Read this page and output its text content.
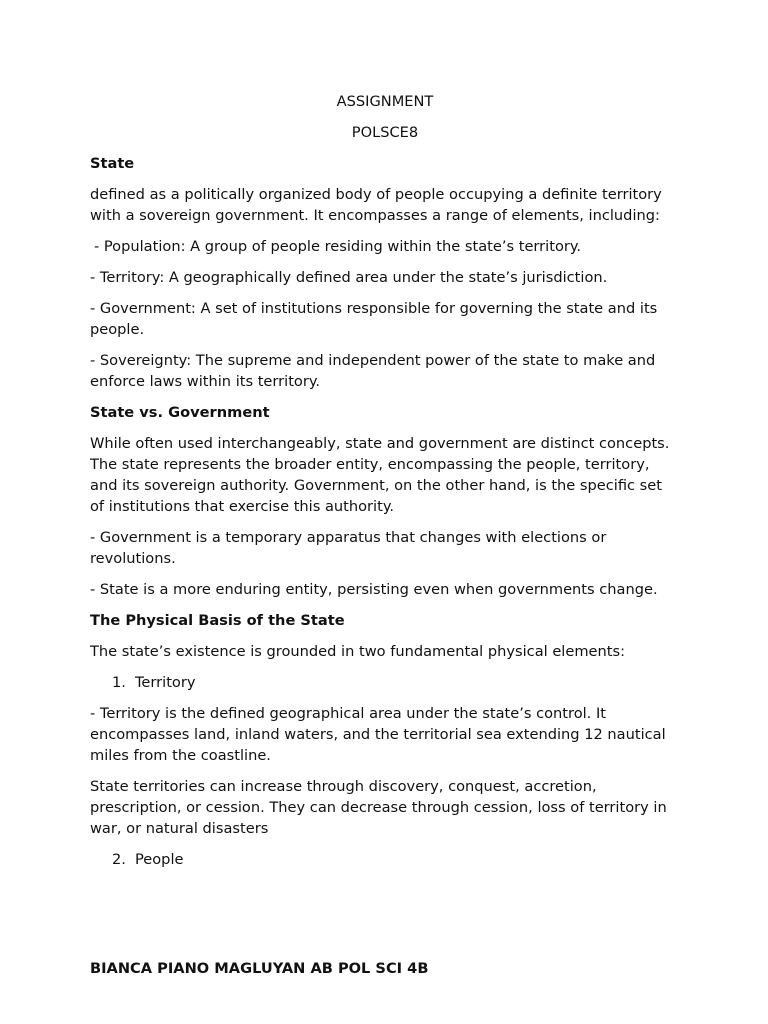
ASSIGNMENT

POLSCE8

State

defined as a politically organized body of people occupying a definite territory with a sovereign government. It encompasses a range of elements, including:

- Population: A group of people residing within the state’s territory.

- Territory: A geographically defined area under the state’s jurisdiction.

- Government: A set of institutions responsible for governing the state and its people.

- Sovereignty: The supreme and independent power of the state to make and enforce laws within its territory.

State vs. Government

While often used interchangeably, state and government are distinct concepts. The state represents the broader entity, encompassing the people, territory, and its sovereign authority. Government, on the other hand, is the specific set of institutions that exercise this authority.

- Government is a temporary apparatus that changes with elections or revolutions.

- State is a more enduring entity, persisting even when governments change.

The Physical Basis of the State

The state’s existence is grounded in two fundamental physical elements:

1. Territory

- Territory is the defined geographical area under the state’s control. It encompasses land, inland waters, and the territorial sea extending 12 nautical miles from the coastline.

State territories can increase through discovery, conquest, accretion, prescription, or cession. They can decrease through cession, loss of territory in war, or natural disasters

2. People
BIANCA PIANO MAGLUYAN AB POL SCI 4B
